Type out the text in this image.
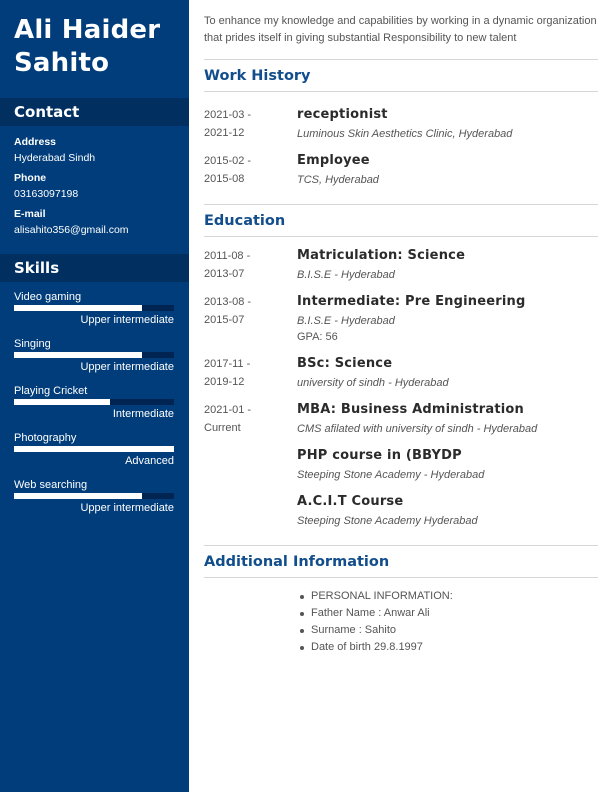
Ali Haider
Sahito
Contact
Address
Hyderabad Sindh
Phone
03163097198
E-mail
alisahito356@gmail.com
Skills
Video gaming
Upper intermediate
Singing
Upper intermediate
Playing Cricket
Intermediate
Photography
Advanced
Web searching
Upper intermediate

To enhance my knowledge and capabilities by working in a dynamic organization that prides itself in giving substantial Responsibility to new talent

Work History
2021-03 -
2021-12
receptionist
Luminous Skin Aesthetics Clinic, Hyderabad
2015-02 -
2015-08
Employee
TCS, Hyderabad
Education
2011-08 -
2013-07
Matriculation: Science
B.I.S.E - Hyderabad
2013-08 -
2015-07
Intermediate: Pre Engineering
B.I.S.E - Hyderabad
GPA: 56
2017-11 -
2019-12
BSc: Science
university of sindh - Hyderabad
2021-01 -
Current
MBA: Business Administration
CMS afilated with university of sindh - Hyderabad
PHP course in (BBYDP
Steeping Stone Academy - Hyderabad
A.C.I.T Course
Steeping Stone Academy Hyderabad
Additional Information
PERSONAL INFORMATION:
Father Name : Anwar Ali
Surname : Sahito
Date of birth 29.8.1997
